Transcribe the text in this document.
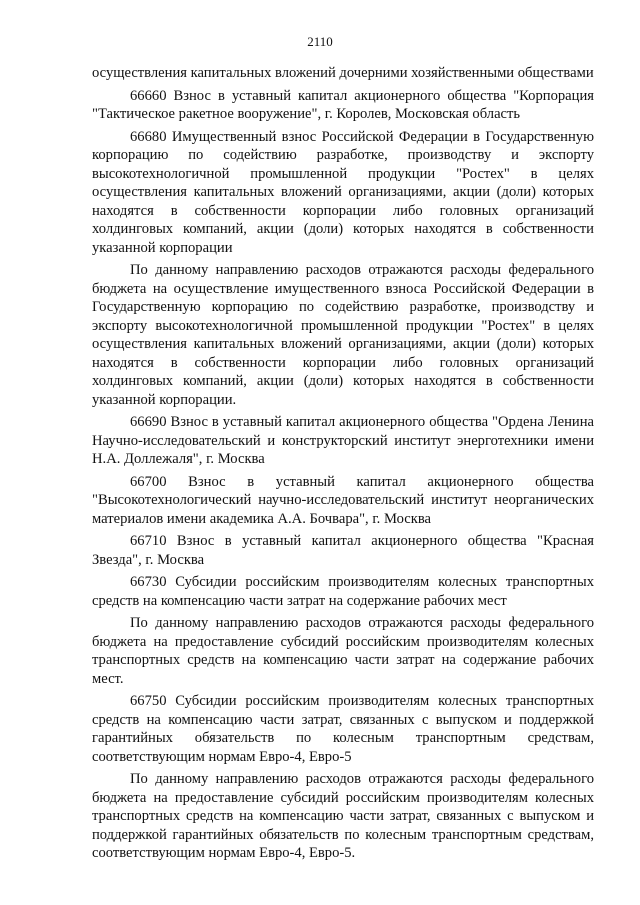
2110

осуществления капитальных вложений дочерними хозяйственными обществами

66660 Взнос в уставный капитал акционерного общества "Корпорация "Тактическое ракетное вооружение", г. Королев, Московская область

66680 Имущественный взнос Российской Федерации в Государственную корпорацию по содействию разработке, производству и экспорту высокотехнологичной промышленной продукции "Ростех" в целях осуществления капитальных вложений организациями, акции (доли) которых находятся в собственности корпорации либо головных организаций холдинговых компаний, акции (доли) которых находятся в собственности указанной корпорации

По данному направлению расходов отражаются расходы федерального бюджета на осуществление имущественного взноса Российской Федерации в Государственную корпорацию по содействию разработке, производству и экспорту высокотехнологичной промышленной продукции "Ростех" в целях осуществления капитальных вложений организациями, акции (доли) которых находятся в собственности корпорации либо головных организаций холдинговых компаний, акции (доли) которых находятся в собственности указанной корпорации.

66690 Взнос в уставный капитал акционерного общества "Ордена Ленина Научно-исследовательский и конструкторский институт энерготехники имени Н.А. Доллежаля", г. Москва

66700 Взнос в уставный капитал акционерного общества "Высокотехнологический научно-исследовательский институт неорганических материалов имени академика А.А. Бочвара", г. Москва

66710 Взнос в уставный капитал акционерного общества "Красная Звезда", г. Москва

66730 Субсидии российским производителям колесных транспортных средств на компенсацию части затрат на содержание рабочих мест

По данному направлению расходов отражаются расходы федерального бюджета на предоставление субсидий российским производителям колесных транспортных средств на компенсацию части затрат на содержание рабочих мест.

66750 Субсидии российским производителям колесных транспортных средств на компенсацию части затрат, связанных с выпуском и поддержкой гарантийных обязательств по колесным транспортным средствам, соответствующим нормам Евро-4, Евро-5

По данному направлению расходов отражаются расходы федерального бюджета на предоставление субсидий российским производителям колесных транспортных средств на компенсацию части затрат, связанных с выпуском и поддержкой гарантийных обязательств по колесным транспортным средствам, соответствующим нормам Евро-4, Евро-5.
